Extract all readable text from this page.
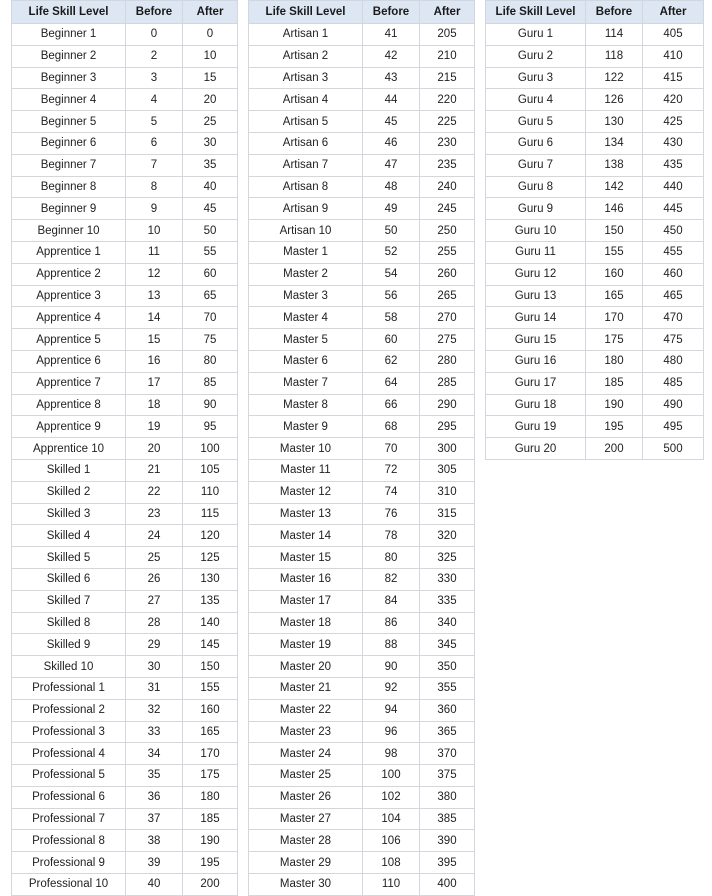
Life Skill Level	Before	After
Beginner 1	0	0
Beginner 2	2	10
Beginner 3	3	15
Beginner 4	4	20
Beginner 5	5	25
Beginner 6	6	30
Beginner 7	7	35
Beginner 8	8	40
Beginner 9	9	45
Beginner 10	10	50
Apprentice 1	11	55
Apprentice 2	12	60
Apprentice 3	13	65
Apprentice 4	14	70
Apprentice 5	15	75
Apprentice 6	16	80
Apprentice 7	17	85
Apprentice 8	18	90
Apprentice 9	19	95
Apprentice 10	20	100
Skilled 1	21	105
Skilled 2	22	110
Skilled 3	23	115
Skilled 4	24	120
Skilled 5	25	125
Skilled 6	26	130
Skilled 7	27	135
Skilled 8	28	140
Skilled 9	29	145
Skilled 10	30	150
Professional 1	31	155
Professional 2	32	160
Professional 3	33	165
Professional 4	34	170
Professional 5	35	175
Professional 6	36	180
Professional 7	37	185
Professional 8	38	190
Professional 9	39	195
Professional 10	40	200
Life Skill Level	Before	After
Artisan 1	41	205
Artisan 2	42	210
Artisan 3	43	215
Artisan 4	44	220
Artisan 5	45	225
Artisan 6	46	230
Artisan 7	47	235
Artisan 8	48	240
Artisan 9	49	245
Artisan 10	50	250
Master 1	52	255
Master 2	54	260
Master 3	56	265
Master 4	58	270
Master 5	60	275
Master 6	62	280
Master 7	64	285
Master 8	66	290
Master 9	68	295
Master 10	70	300
Master 11	72	305
Master 12	74	310
Master 13	76	315
Master 14	78	320
Master 15	80	325
Master 16	82	330
Master 17	84	335
Master 18	86	340
Master 19	88	345
Master 20	90	350
Master 21	92	355
Master 22	94	360
Master 23	96	365
Master 24	98	370
Master 25	100	375
Master 26	102	380
Master 27	104	385
Master 28	106	390
Master 29	108	395
Master 30	110	400
Life Skill Level	Before	After
Guru 1	114	405
Guru 2	118	410
Guru 3	122	415
Guru 4	126	420
Guru 5	130	425
Guru 6	134	430
Guru 7	138	435
Guru 8	142	440
Guru 9	146	445
Guru 10	150	450
Guru 11	155	455
Guru 12	160	460
Guru 13	165	465
Guru 14	170	470
Guru 15	175	475
Guru 16	180	480
Guru 17	185	485
Guru 18	190	490
Guru 19	195	495
Guru 20	200	500
